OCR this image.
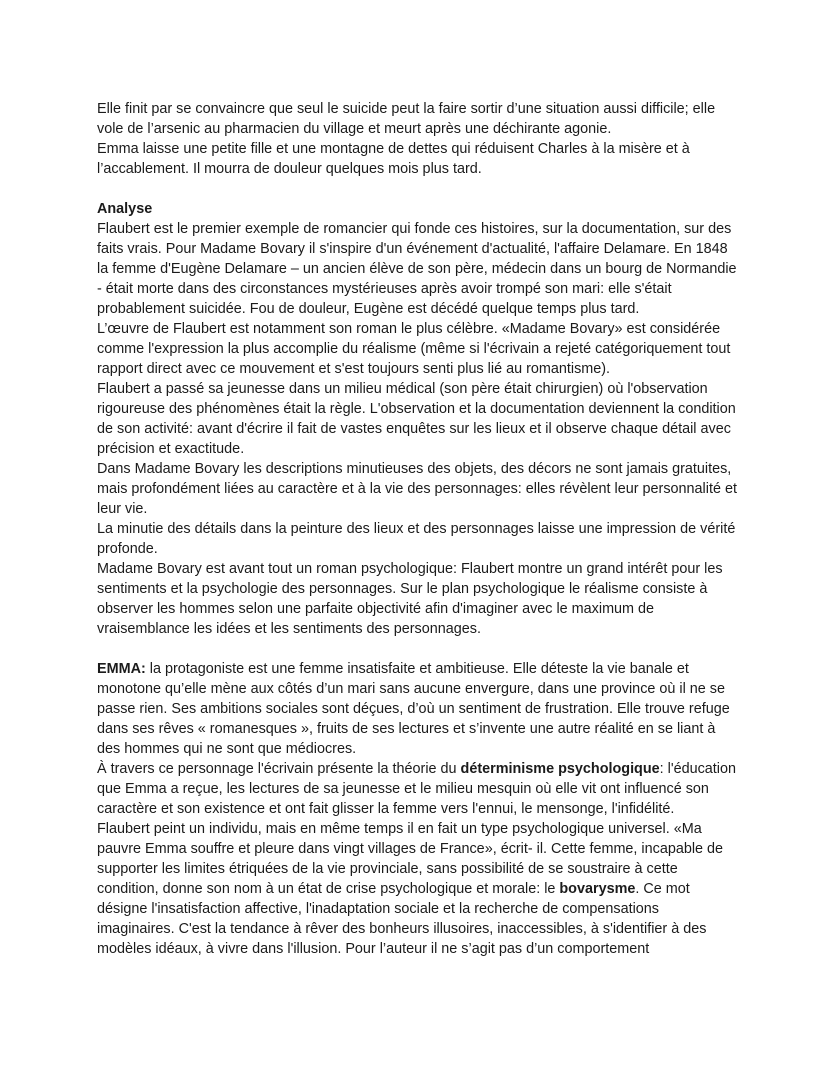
Elle finit par se convaincre que seul le suicide peut la faire sortir d’une situation aussi difficile; elle vole de l’arsenic au pharmacien du village et meurt après une déchirante agonie.

Emma laisse une petite fille et une montagne de dettes qui réduisent Charles à la misère et à l’accablement. Il mourra de douleur quelques mois plus tard.

Analyse

Flaubert est le premier exemple de romancier qui fonde ces histoires, sur la documentation, sur des faits vrais. Pour Madame Bovary il s'inspire d'un événement d'actualité, l'affaire Delamare. En 1848 la femme d'Eugène Delamare – un ancien élève de son père, médecin dans un bourg de Normandie - était morte dans des circonstances mystérieuses après avoir trompé son mari: elle s'était probablement suicidée. Fou de douleur, Eugène est décédé quelque temps plus tard.

L’œuvre de Flaubert est notamment son roman le plus célèbre. «Madame Bovary» est considérée comme l'expression la plus accomplie du réalisme (même si l'écrivain a rejeté catégoriquement tout rapport direct avec ce mouvement et s'est toujours senti plus lié au romantisme).

Flaubert a passé sa jeunesse dans un milieu médical (son père était chirurgien) où l'observation rigoureuse des phénomènes était la règle. L'observation et la documentation deviennent la condition de son activité: avant d'écrire il fait de vastes enquêtes sur les lieux et il observe chaque détail avec précision et exactitude.

Dans Madame Bovary les descriptions minutieuses des objets, des décors ne sont jamais gratuites, mais profondément liées au caractère et à la vie des personnages: elles révèlent leur personnalité et leur vie.

La minutie des détails dans la peinture des lieux et des personnages laisse une impression de vérité profonde.

Madame Bovary est avant tout un roman psychologique: Flaubert montre un grand intérêt pour les sentiments et la psychologie des personnages. Sur le plan psychologique le réalisme consiste à observer les hommes selon une parfaite objectivité afin d'imaginer avec le maximum de vraisemblance les idées et les sentiments des personnages.

EMMA: la protagoniste est une femme insatisfaite et ambitieuse. Elle déteste la vie banale et monotone qu’elle mène aux côtés d’un mari sans aucune envergure, dans une province où il ne se passe rien. Ses ambitions sociales sont déçues, d’où un sentiment de frustration. Elle trouve refuge dans ses rêves « romanesques », fruits de ses lectures et s’invente une autre réalité en se liant à des hommes qui ne sont que médiocres.

À travers ce personnage l'écrivain présente la théorie du déterminisme psychologique: l'éducation que Emma a reçue, les lectures de sa jeunesse et le milieu mesquin où elle vit ont influencé son caractère et son existence et ont fait glisser la femme vers l'ennui, le mensonge, l'infidélité.

Flaubert peint un individu, mais en même temps il en fait un type psychologique universel. «Ma pauvre Emma souffre et pleure dans vingt villages de France», écrit- il. Cette femme, incapable de supporter les limites étriquées de la vie provinciale, sans possibilité de se soustraire à cette condition, donne son nom à un état de crise psychologique et morale: le bovarysme. Ce mot désigne l'insatisfaction affective, l'inadaptation sociale et la recherche de compensations imaginaires. C'est la tendance à rêver des bonheurs illusoires, inaccessibles, à s'identifier à des modèles idéaux, à vivre dans l'illusion. Pour l’auteur il ne s’agit pas d’un comportement
